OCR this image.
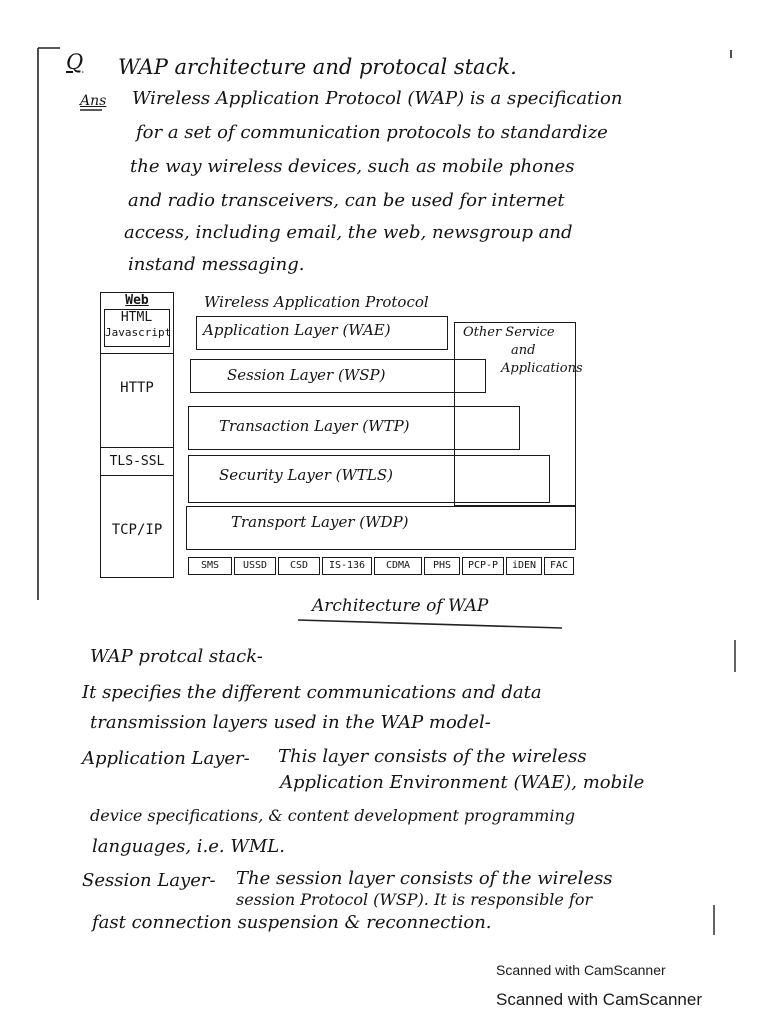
Q WAP architecture and protocal stack.
Ans Wireless Application Protocol (WAP) is a specification
for a set of communication protocols to standardize
the way wireless devices, such as mobile phones
and radio transceivers, can be used for internet
access, including email, the web, newsgroup and
instand messaging.
Wireless Application Protocol
Web
HTML
Javascript
HTTP
TLS-SSL
TCP/IP
Application Layer (WAE)
Session Layer (WSP)
Transaction Layer (WTP)
Security Layer (WTLS)
Transport Layer (WDP)
Other Service
and
Applications
SMS	USSD	CSD	IS-136	CDMA	PHS	PCP-P	iDEN	FAC
Architecture of WAP
WAP protcal stack-
It specifies the different communications and data
transmission layers used in the WAP model-
Application Layer- This layer consists of the wireless
Application Environment (WAE), mobile
device specifications, & content development programming
languages, i.e. WML.
Session Layer- The session layer consists of the wireless
session Protocol (WSP). It is responsible for
fast connection suspension & reconnection.
Scanned with CamScanner
Scanned with CamScanner
